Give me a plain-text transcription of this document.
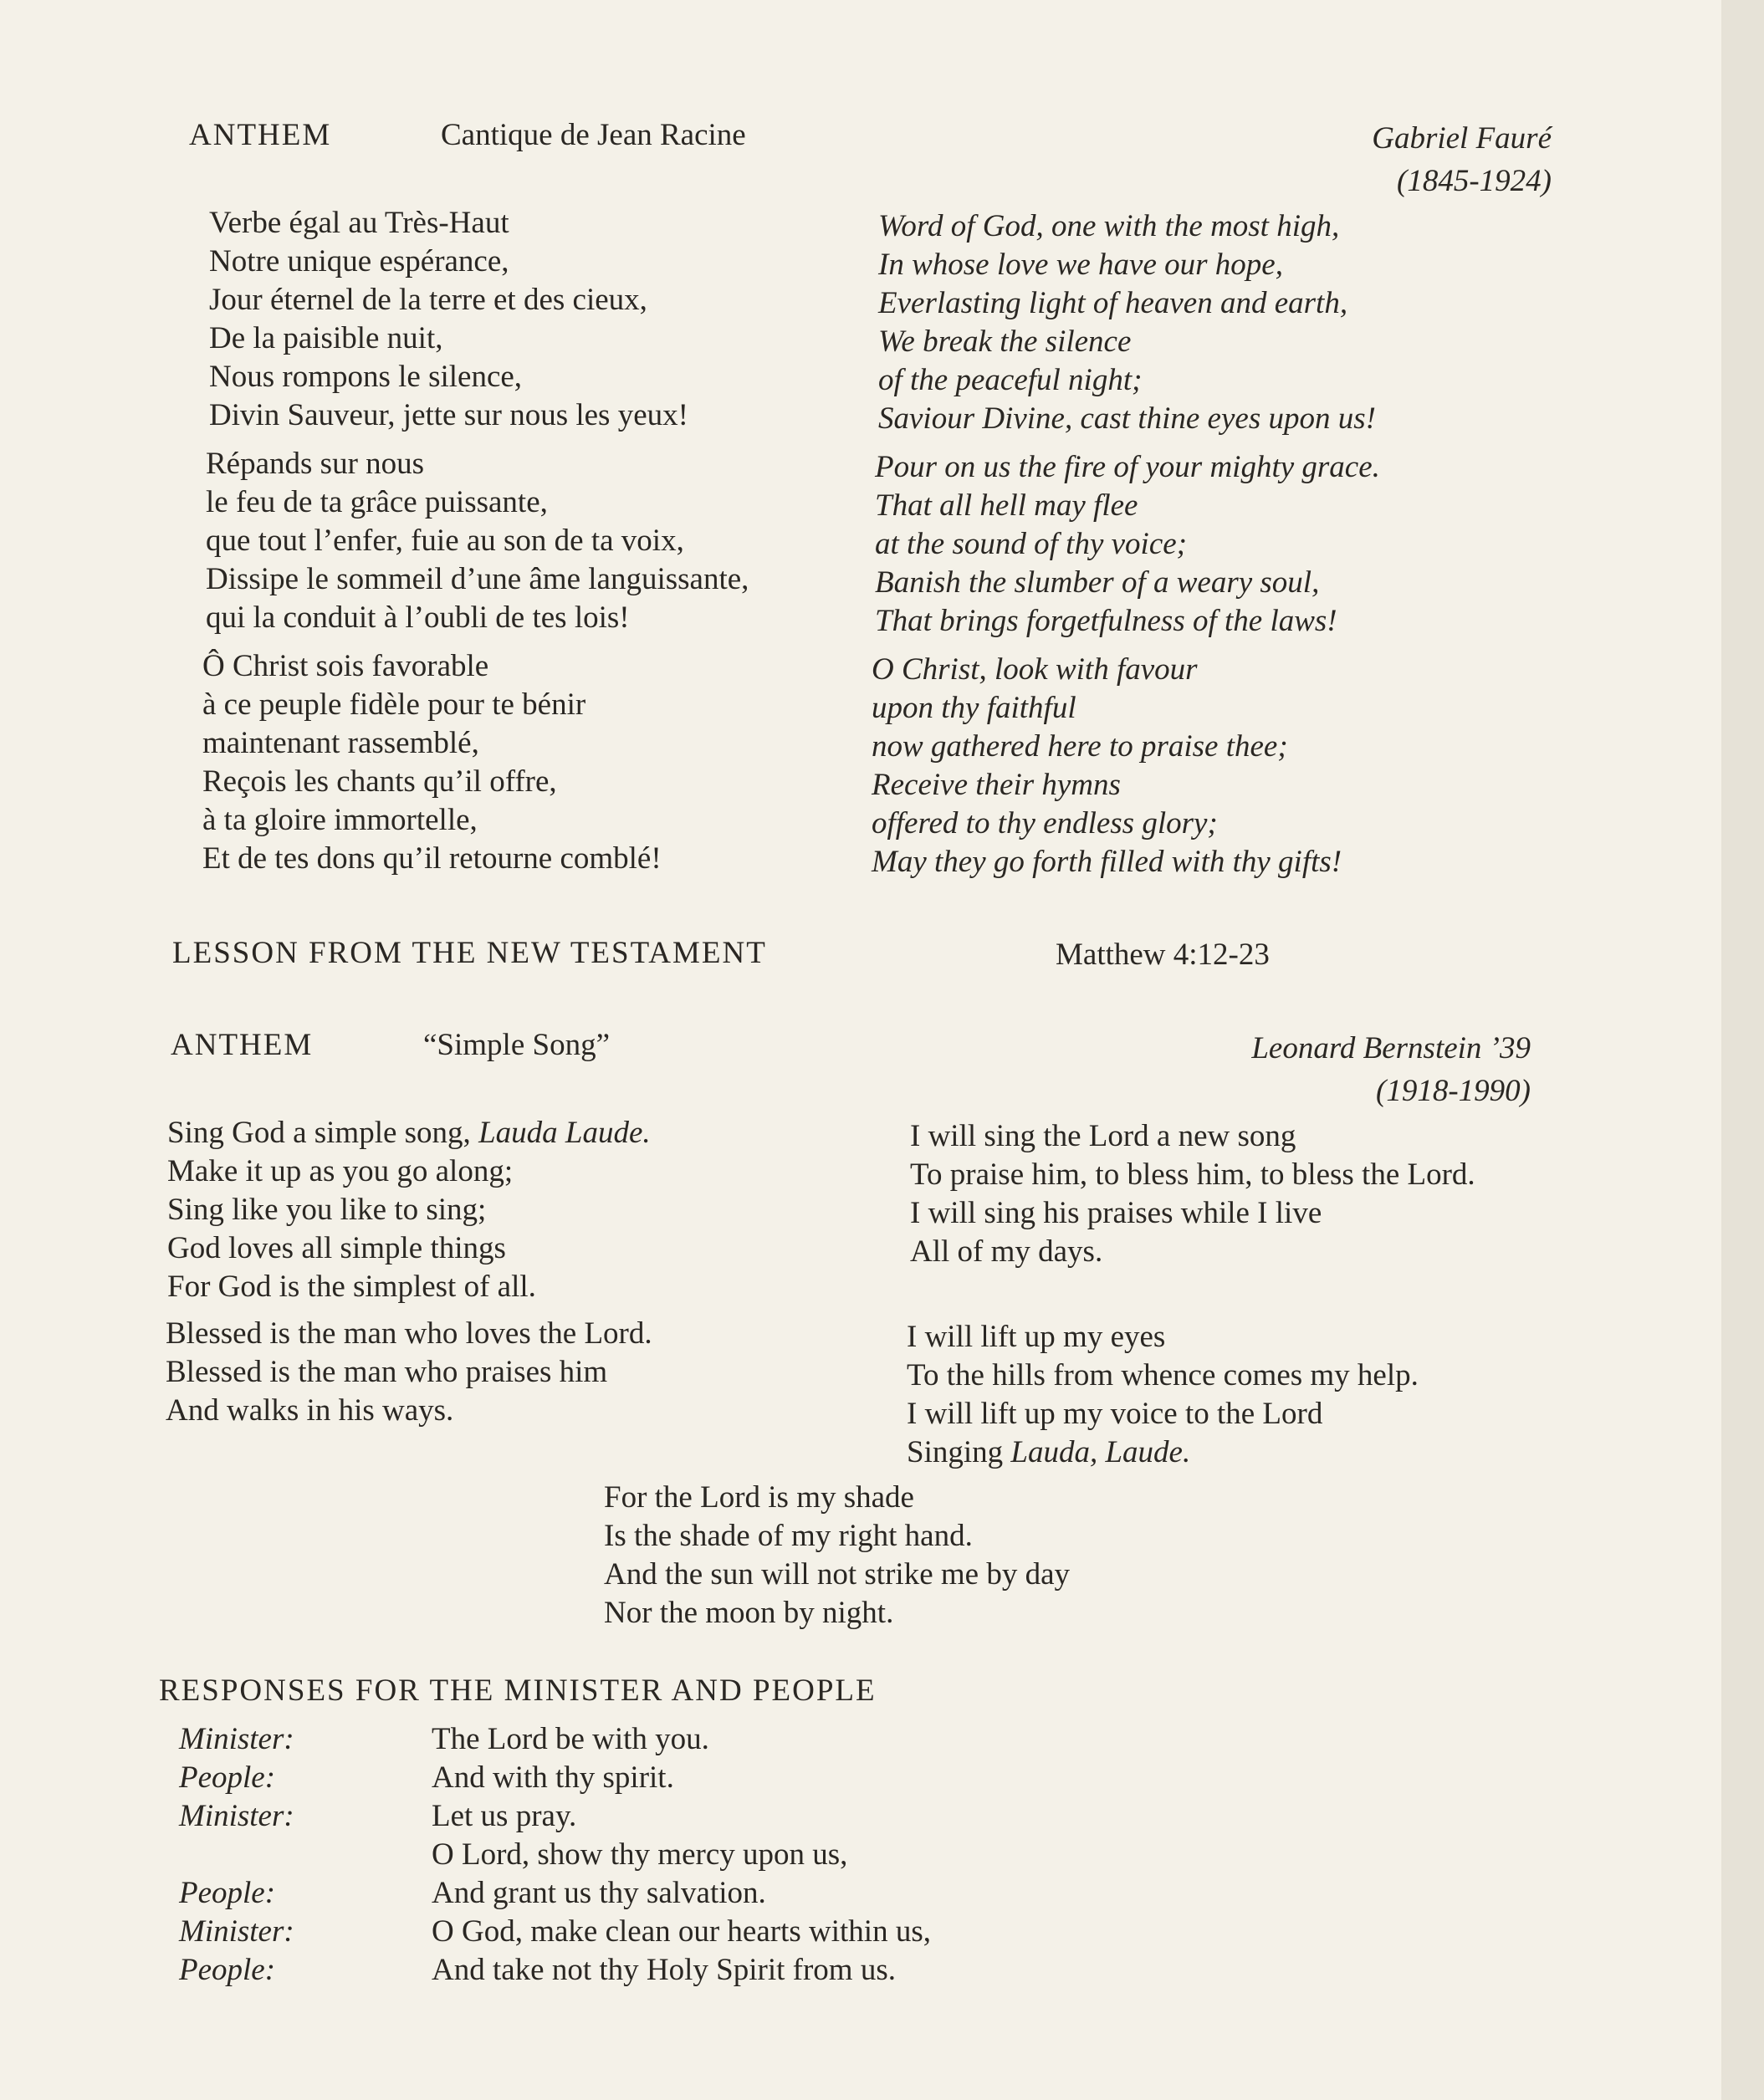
ANTHEM	Cantique de Jean Racine	Gabriel Fauré
(1845-1924)
Verbe égal au Très-Haut
Notre unique espérance,
Jour éternel de la terre et des cieux,
De la paisible nuit,
Nous rompons le silence,
Divin Sauveur, jette sur nous les yeux!
Répands sur nous
le feu de ta grâce puissante,
que tout l’enfer, fuie au son de ta voix,
Dissipe le sommeil d’une âme languissante,
qui la conduit à l’oubli de tes lois!
Ô Christ sois favorable
à ce peuple fidèle pour te bénir
maintenant rassemblé,
Reçois les chants qu’il offre,
à ta gloire immortelle,
Et de tes dons qu’il retourne comblé!
Word of God, one with the most high,
In whose love we have our hope,
Everlasting light of heaven and earth,
We break the silence
of the peaceful night;
Saviour Divine, cast thine eyes upon us!
Pour on us the fire of your mighty grace.
That all hell may flee
at the sound of thy voice;
Banish the slumber of a weary soul,
That brings forgetfulness of the laws!
O Christ, look with favour
upon thy faithful
now gathered here to praise thee;
Receive their hymns
offered to thy endless glory;
May they go forth filled with thy gifts!
LESSON FROM THE NEW TESTAMENT	Matthew 4:12-23
ANTHEM	“Simple Song”	Leonard Bernstein ’39
(1918-1990)
Sing God a simple song, Lauda Laude.
Make it up as you go along;
Sing like you like to sing;
God loves all simple things
For God is the simplest of all.
Blessed is the man who loves the Lord.
Blessed is the man who praises him
And walks in his ways.
I will sing the Lord a new song
To praise him, to bless him, to bless the Lord.
I will sing his praises while I live
All of my days.
I will lift up my eyes
To the hills from whence comes my help.
I will lift up my voice to the Lord
Singing Lauda, Laude.
For the Lord is my shade
Is the shade of my right hand.
And the sun will not strike me by day
Nor the moon by night.
RESPONSES FOR THE MINISTER AND PEOPLE
Minister:	The Lord be with you.
People:	And with thy spirit.
Minister:	Let us pray.
O Lord, show thy mercy upon us,
People:	And grant us thy salvation.
Minister:	O God, make clean our hearts within us,
People:	And take not thy Holy Spirit from us.
